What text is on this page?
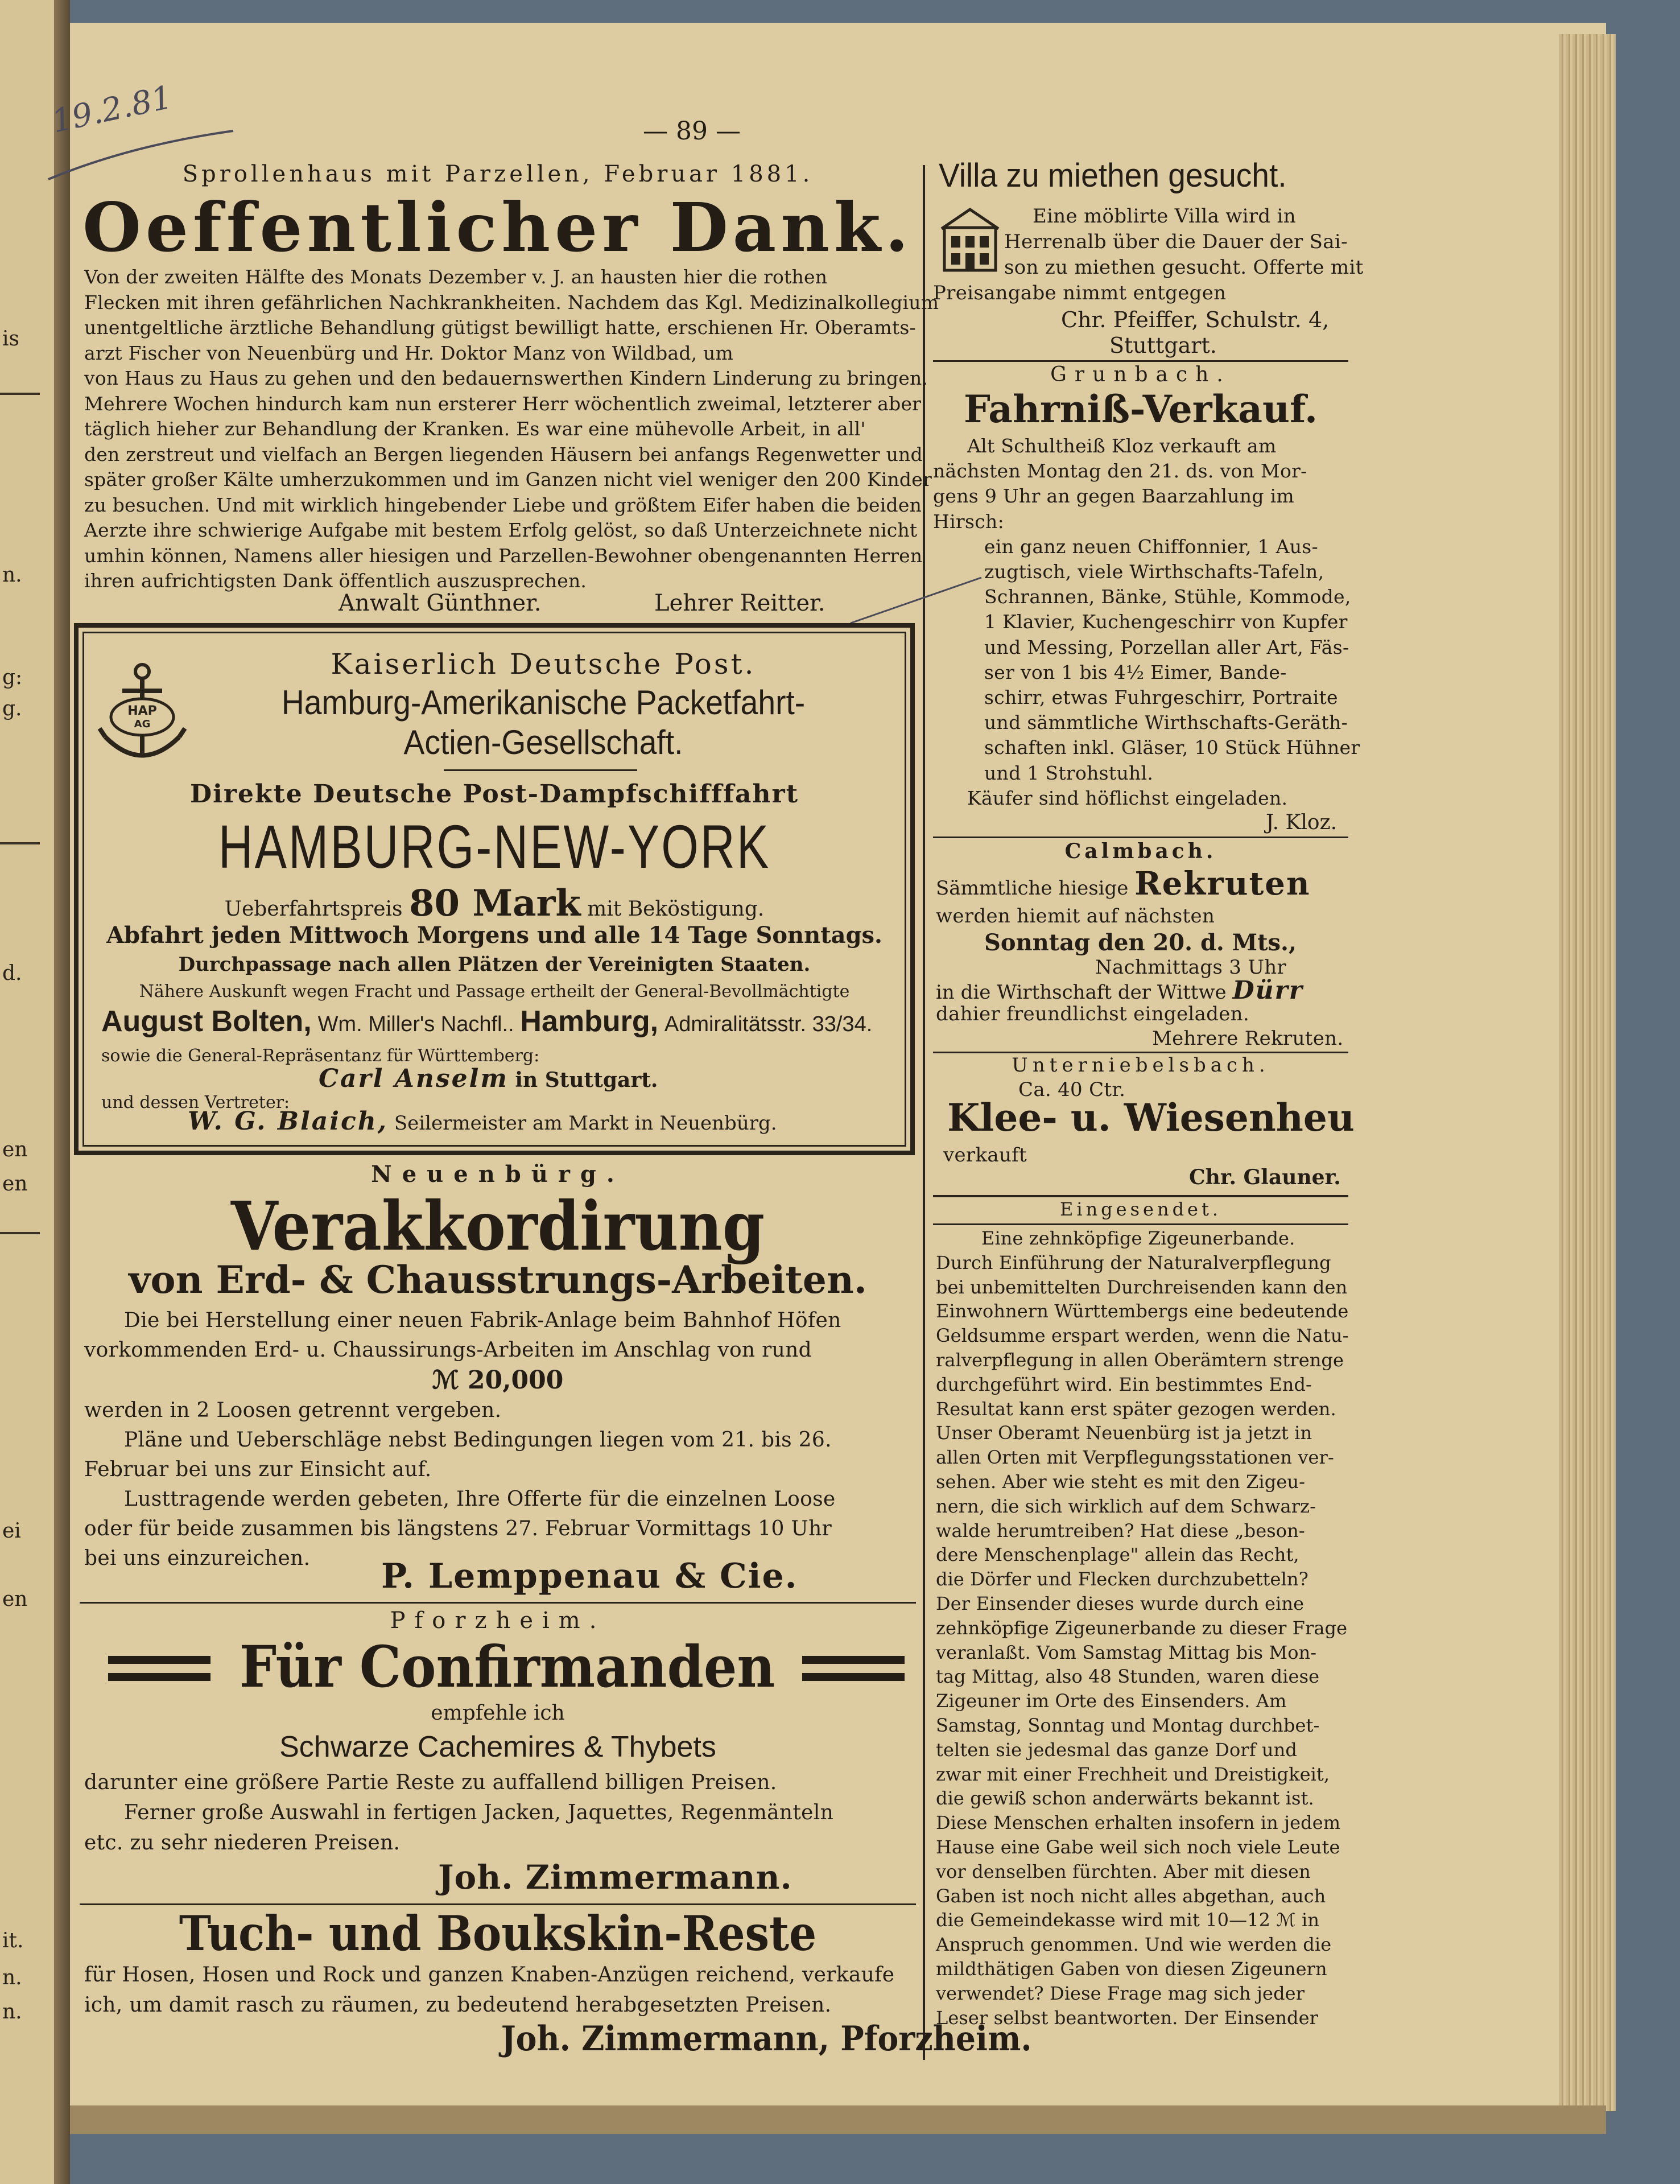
is
n.
g:
g.
d.
en
en
ei
en
it.
n.
n.
— 89 —
19.2.81
Sprollenhaus mit Parzellen, Februar 1881.
Oeffentlicher Dank.
Von der zweiten Hälfte des Monats Dezember v. J. an hausten hier die rothen
Flecken mit ihren gefährlichen Nachkrankheiten. Nachdem das Kgl. Medizinalkollegium
unentgeltliche ärztliche Behandlung gütigst bewilligt hatte, erschienen Hr. Oberamts-
arzt Fischer von Neuenbürg und Hr. Doktor Manz von Wildbad, um
von Haus zu Haus zu gehen und den bedauernswerthen Kindern Linderung zu bringen.
Mehrere Wochen hindurch kam nun ersterer Herr wöchentlich zweimal, letzterer aber
täglich hieher zur Behandlung der Kranken. Es war eine mühevolle Arbeit, in all'
den zerstreut und vielfach an Bergen liegenden Häusern bei anfangs Regenwetter und
später großer Kälte umherzukommen und im Ganzen nicht viel weniger den 200 Kinder
zu besuchen. Und mit wirklich hingebender Liebe und größtem Eifer haben die beiden
Aerzte ihre schwierige Aufgabe mit bestem Erfolg gelöst, so daß Unterzeichnete nicht
umhin können, Namens aller hiesigen und Parzellen-Bewohner obengenannten Herren
ihren aufrichtigsten Dank öffentlich auszusprechen.
Anwalt Günthner.	Lehrer Reitter.
HAP
AG
Kaiserlich Deutsche Post.
Hamburg-Amerikanische Packetfahrt-
Actien-Gesellschaft.
Direkte Deutsche Post-Dampfschifffahrt
HAMBURG-NEW-YORK
Ueberfahrtspreis 80 Mark mit Beköstigung.
Abfahrt jeden Mittwoch Morgens und alle 14 Tage Sonntags.
Durchpassage nach allen Plätzen der Vereinigten Staaten.
Nähere Auskunft wegen Fracht und Passage ertheilt der General-Bevollmächtigte
August Bolten, Wm. Miller's Nachfl.. Hamburg, Admiralitätsstr. 33/34.
sowie die General-Repräsentanz für Württemberg:
Carl Anselm in Stuttgart.
und dessen Vertreter:
W. G. Blaich, Seilermeister am Markt in Neuenbürg.
Neuenbürg.
Verakkordirung
von Erd- & Chausstrungs-Arbeiten.
Die bei Herstellung einer neuen Fabrik-Anlage beim Bahnhof Höfen
vorkommenden Erd- u. Chaussirungs-Arbeiten im Anschlag von rund
ℳ 20,000
werden in 2 Loosen getrennt vergeben.
Pläne und Ueberschläge nebst Bedingungen liegen vom 21. bis 26.
Februar bei uns zur Einsicht auf.
Lusttragende werden gebeten, Ihre Offerte für die einzelnen Loose
oder für beide zusammen bis längstens 27. Februar Vormittags 10 Uhr
bei uns einzureichen. P. Lemppenau & Cie.
Pforzheim.
Für Confirmanden
empfehle ich
Schwarze Cachemires & Thybets
darunter eine größere Partie Reste zu auffallend billigen Preisen.
Ferner große Auswahl in fertigen Jacken, Jaquettes, Regenmänteln
etc. zu sehr niederen Preisen.
Joh. Zimmermann.
Tuch- und Boukskin-Reste
für Hosen, Hosen und Rock und ganzen Knaben-Anzügen reichend, verkaufe
ich, um damit rasch zu räumen, zu bedeutend herabgesetzten Preisen.
Joh. Zimmermann, Pforzheim.
Villa zu miethen gesucht.
Eine möblirte Villa wird in
Herrenalb über die Dauer der Sai-
son zu miethen gesucht. Offerte mit
Preisangabe nimmt entgegen
Chr. Pfeiffer, Schulstr. 4,
Stuttgart.
Grunbach.
Fahrniß-Verkauf.
Alt Schultheiß Kloz verkauft am
nächsten Montag den 21. ds. von Mor-
gens 9 Uhr an gegen Baarzahlung im
Hirsch:
ein ganz neuen Chiffonnier, 1 Aus-
zugtisch, viele Wirthschafts-Tafeln,
Schrannen, Bänke, Stühle, Kommode,
1 Klavier, Kuchengeschirr von Kupfer
und Messing, Porzellan aller Art, Fäs-
ser von 1 bis 4½ Eimer, Bande-
schirr, etwas Fuhrgeschirr, Portraite
und sämmtliche Wirthschafts-Geräth-
schaften inkl. Gläser, 10 Stück Hühner
und 1 Strohstuhl.
Käufer sind höflichst eingeladen.
J. Kloz.
Calmbach.
Sämmtliche hiesige Rekruten
werden hiemit auf nächsten
Sonntag den 20. d. Mts.,
Nachmittags 3 Uhr
in die Wirthschaft der Wittwe Dürr
dahier freundlichst eingeladen.
Mehrere Rekruten.
Unterniebelsbach.
Ca. 40 Ctr.
Klee- u. Wiesenheu
verkauft
Chr. Glauner.
Eingesendet.
Eine zehnköpfige Zigeunerbande.
Durch Einführung der Naturalverpflegung
bei unbemittelten Durchreisenden kann den
Einwohnern Württembergs eine bedeutende
Geldsumme erspart werden, wenn die Natu-
ralverpflegung in allen Oberämtern strenge
durchgeführt wird. Ein bestimmtes End-
Resultat kann erst später gezogen werden.
Unser Oberamt Neuenbürg ist ja jetzt in
allen Orten mit Verpflegungsstationen ver-
sehen. Aber wie steht es mit den Zigeu-
nern, die sich wirklich auf dem Schwarz-
walde herumtreiben? Hat diese „beson-
dere Menschenplage" allein das Recht,
die Dörfer und Flecken durchzubetteln?
Der Einsender dieses wurde durch eine
zehnköpfige Zigeunerbande zu dieser Frage
veranlaßt. Vom Samstag Mittag bis Mon-
tag Mittag, also 48 Stunden, waren diese
Zigeuner im Orte des Einsenders. Am
Samstag, Sonntag und Montag durchbet-
telten sie jedesmal das ganze Dorf und
zwar mit einer Frechheit und Dreistigkeit,
die gewiß schon anderwärts bekannt ist.
Diese Menschen erhalten insofern in jedem
Hause eine Gabe weil sich noch viele Leute
vor denselben fürchten. Aber mit diesen
Gaben ist noch nicht alles abgethan, auch
die Gemeindekasse wird mit 10—12 ℳ in
Anspruch genommen. Und wie werden die
mildthätigen Gaben von diesen Zigeunern
verwendet? Diese Frage mag sich jeder
Leser selbst beantworten. Der Einsender
